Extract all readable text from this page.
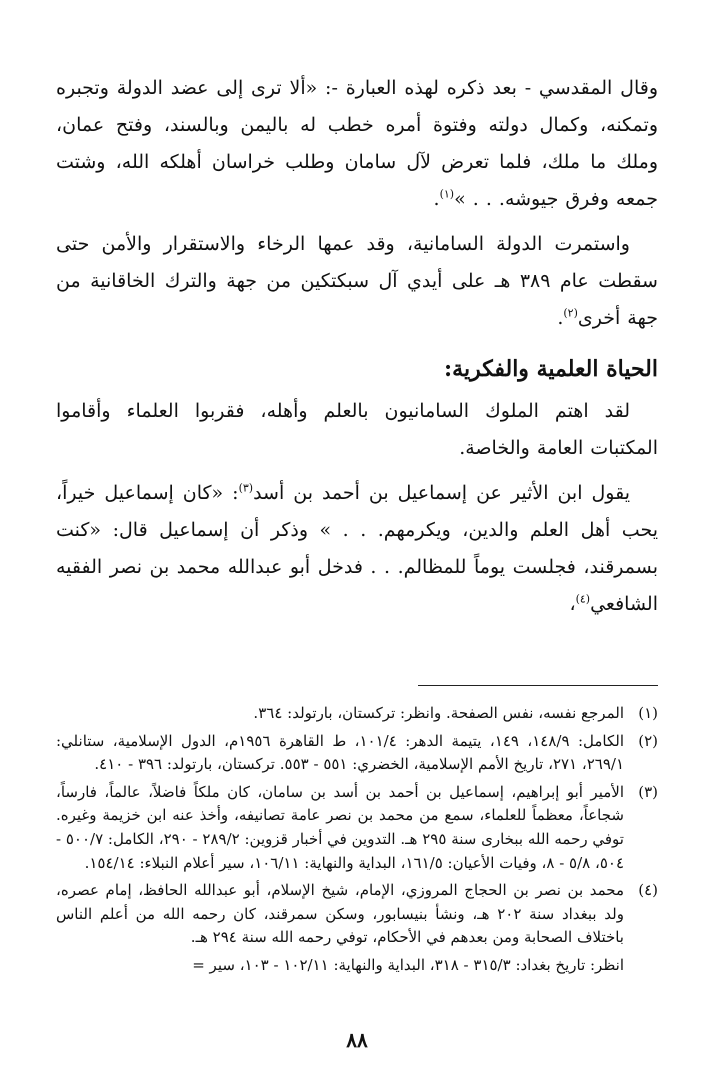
وقال المقدسي - بعد ذكره لهذه العبارة -: «ألا ترى إلى عضد الدولة وتجبره وتمكنه، وكمال دولته وفتوة أمره خطب له باليمن وبالسند، وفتح عمان، وملك ما ملك، فلما تعرض لآل سامان وطلب خراسان أهلكه الله، وشتت جمعه وفرق جيوشه. . . »$^{(١)}$.

واستمرت الدولة السامانية، وقد عمها الرخاء والاستقرار والأمن حتى سقطت عام ٣٨٩ هـ على أيدي آل سبكتكين من جهة والترك الخاقانية من جهة أخرى$^{(٢)}$.

الحياة العلمية والفكرية:

لقد اهتم الملوك السامانيون بالعلم وأهله، فقربوا العلماء وأقاموا المكتبات العامة والخاصة.

يقول ابن الأثير عن إسماعيل بن أحمد بن أسد$^{(٣)}$: «كان إسماعيل خيراً، يحب أهل العلم والدين، ويكرمهم. . . » وذكر أن إسماعيل قال: «كنت بسمرقند، فجلست يوماً للمظالم. . . فدخل أبو عبدالله محمد بن نصر الفقيه الشافعي$^{(٤)}$،

(١)
المرجع نفسه، نفس الصفحة. وانظر: تركستان، بارتولد: ٣٦٤.
(٢)
الكامل: ١٤٨/٩، ١٤٩، يتيمة الدهر: ١٠١/٤، ط القاهرة ١٩٥٦م، الدول الإسلامية، ستانلي: ٢٦٩/١، ٢٧١، تاريخ الأمم الإسلامية، الخضري: ٥٥١ - ٥٥٣. تركستان، بارتولد: ٣٩٦ - ٤١٠.
(٣)
الأمير أبو إبراهيم، إسماعيل بن أحمد بن أسد بن سامان، كان ملكاً فاضلاً، عالماً، فارساً، شجاعاً، معظماً للعلماء، سمع من محمد بن نصر عامة تصانيفه، وأخذ عنه ابن خزيمة وغيره. توفي رحمه الله ببخارى سنة ٢٩٥ هـ. التدوين في أخبار قزوين: ٢٨٩/٢ - ٢٩٠، الكامل: ٥٠٠/٧ - ٥٠٤، ٥/٨ - ٨، وفيات الأعيان: ١٦١/٥، البداية والنهاية: ١٠٦/١١، سير أعلام النبلاء: ١٥٤/١٤.
(٤)
محمد بن نصر بن الحجاج المروزي، الإمام، شيخ الإسلام، أبو عبدالله الحافظ، إمام عصره، ولد ببغداد سنة ٢٠٢ هـ، ونشأ بنيسابور، وسكن سمرقند، كان رحمه الله من أعلم الناس باختلاف الصحابة ومن بعدهم في الأحكام، توفي رحمه الله سنة ٢٩٤ هـ.
انظر: تاريخ بغداد: ٣١٥/٣ - ٣١٨، البداية والنهاية: ١٠٢/١١ - ١٠٣، سير =
٨٨
